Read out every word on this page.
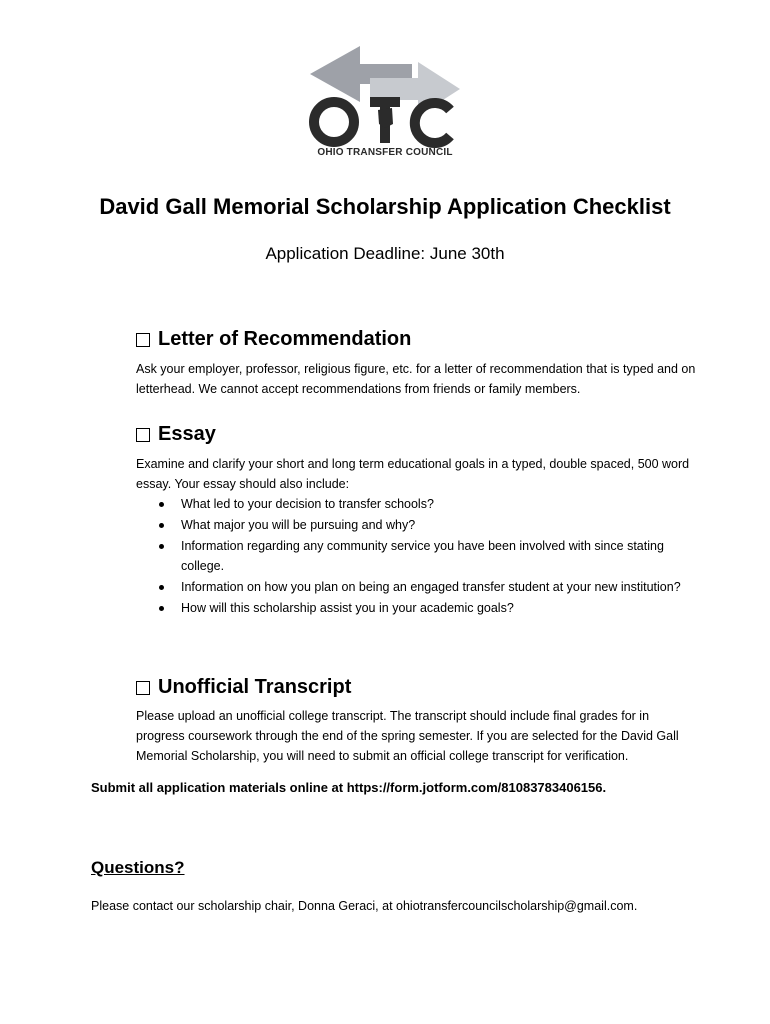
OHIO TRANSFER COUNCIL
David Gall Memorial Scholarship Application Checklist

Application Deadline: June 30th

Letter of Recommendation

Ask your employer, professor, religious figure, etc. for a letter of recommendation that is typed and on letterhead. We cannot accept recommendations from friends or family members.

Essay

Examine and clarify your short and long term educational goals in a typed, double spaced, 500 word essay. Your essay should also include:

What led to your decision to transfer schools?
What major you will be pursuing and why?
Information regarding any community service you have been involved with since stating college.
Information on how you plan on being an engaged transfer student at your new institution?
How will this scholarship assist you in your academic goals?
Unofficial Transcript

Please upload an unofficial college transcript. The transcript should include final grades for in progress coursework through the end of the spring semester. If you are selected for the David Gall Memorial Scholarship, you will need to submit an official college transcript for verification.

Submit all application materials online at https://form.jotform.com/81083783406156.

Questions?

Please contact our scholarship chair, Donna Geraci, at ohiotransfercouncilscholarship@gmail.com.
